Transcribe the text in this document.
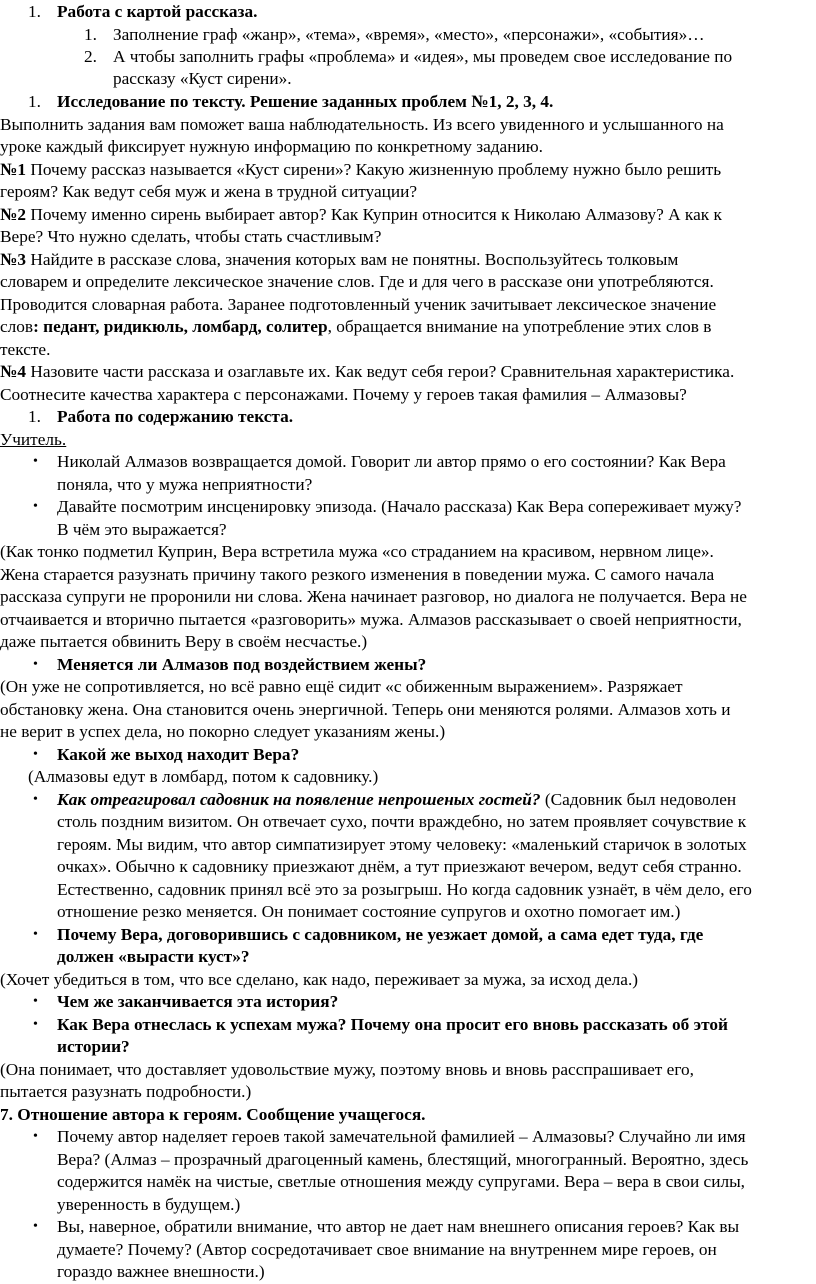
1. Работа с картой рассказа.
1. Заполнение граф «жанр», «тема», «время», «место», «персонажи», «события»…
2. А чтобы заполнить графы «проблема» и «идея», мы проведем свое исследование по
рассказу «Куст сирени».
1. Исследование по тексту. Решение заданных проблем №1, 2, 3, 4.
Выполнить задания вам поможет ваша наблюдательность. Из всего увиденного и услышанного на
уроке каждый фиксирует нужную информацию по конкретному заданию.
№1 Почему рассказ называется «Куст сирени»? Какую жизненную проблему нужно было решить
героям? Как ведут себя муж и жена в трудной ситуации?
№2 Почему именно сирень выбирает автор? Как Куприн относится к Николаю Алмазову? А как к
Вере? Что нужно сделать, чтобы стать счастливым?
№3 Найдите в рассказе слова, значения которых вам не понятны. Воспользуйтесь толковым
словарем и определите лексическое значение слов. Где и для чего в рассказе они употребляются.
Проводится словарная работа. Заранее подготовленный ученик зачитывает лексическое значение
слов: педант, ридикюль, ломбард, солитер, обращается внимание на употребление этих слов в
тексте.
№4 Назовите части рассказа и озаглавьте их. Как ведут себя герои? Сравнительная характеристика.
Соотнесите качества характера с персонажами. Почему у героев такая фамилия – Алмазовы?
1. Работа по содержанию текста.
Учитель.
• Николай Алмазов возвращается домой. Говорит ли автор прямо о его состоянии? Как Вера
поняла, что у мужа неприятности?
• Давайте посмотрим инсценировку эпизода. (Начало рассказа) Как Вера сопереживает мужу?
В чём это выражается?
(Как тонко подметил Куприн, Вера встретила мужа «со страданием на красивом, нервном лице».
Жена старается разузнать причину такого резкого изменения в поведении мужа. С самого начала
рассказа супруги не проронили ни слова. Жена начинает разговор, но диалога не получается. Вера не
отчаивается и вторично пытается «разговорить» мужа. Алмазов рассказывает о своей неприятности,
даже пытается обвинить Веру в своём несчастье.)
• Меняется ли Алмазов под воздействием жены?
(Он уже не сопротивляется, но всё равно ещё сидит «с обиженным выражением». Разряжает
обстановку жена. Она становится очень энергичной. Теперь они меняются ролями. Алмазов хоть и
не верит в успех дела, но покорно следует указаниям жены.)
• Какой же выход находит Вера?
(Алмазовы едут в ломбард, потом к садовнику.)
• Как отреагировал садовник на появление непрошеных гостей? (Садовник был недоволен
столь поздним визитом. Он отвечает сухо, почти враждебно, но затем проявляет сочувствие к
героям. Мы видим, что автор симпатизирует этому человеку: «маленький старичок в золотых
очках». Обычно к садовнику приезжают днём, а тут приезжают вечером, ведут себя странно.
Естественно, садовник принял всё это за розыгрыш. Но когда садовник узнаёт, в чём дело, его
отношение резко меняется. Он понимает состояние супругов и охотно помогает им.)
• Почему Вера, договорившись с садовником, не уезжает домой, а сама едет туда, где
должен «вырасти куст»?
(Хочет убедиться в том, что все сделано, как надо, переживает за мужа, за исход дела.)
• Чем же заканчивается эта история?
• Как Вера отнеслась к успехам мужа? Почему она просит его вновь рассказать об этой
истории?
(Она понимает, что доставляет удовольствие мужу, поэтому вновь и вновь расспрашивает его,
пытается разузнать подробности.)
7. Отношение автора к героям. Сообщение учащегося.
• Почему автор наделяет героев такой замечательной фамилией – Алмазовы? Случайно ли имя
Вера? (Алмаз – прозрачный драгоценный камень, блестящий, многогранный. Вероятно, здесь
содержится намёк на чистые, светлые отношения между супругами. Вера – вера в свои силы,
уверенность в будущем.)
• Вы, наверное, обратили внимание, что автор не дает нам внешнего описания героев? Как вы
думаете? Почему? (Автор сосредотачивает свое внимание на внутреннем мире героев, он
гораздо важнее внешности.)
